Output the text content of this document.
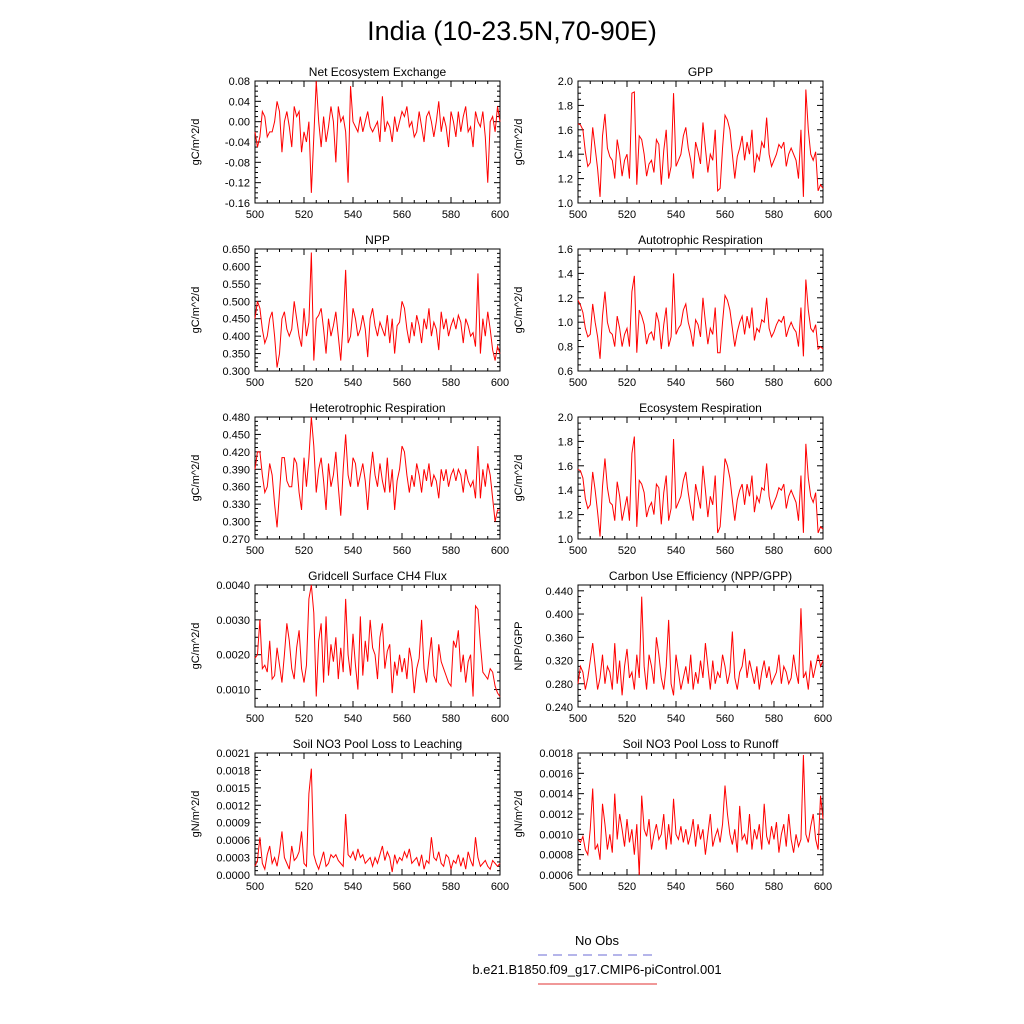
India (10-23.5N,70-90E)
Net Ecosystem Exchange
gC/m^2/d
500	520	540	560	580	600
-0.16
-0.12
-0.08
-0.04
0.00
0.04
0.08
GPP
gC/m^2/d
500	520	540	560	580	600
1.0
1.2
1.4
1.6
1.8
2.0
NPP
gC/m^2/d
500	520	540	560	580	600
0.300
0.350
0.400
0.450
0.500
0.550
0.600
0.650
Autotrophic Respiration
gC/m^2/d
500	520	540	560	580	600
0.6
0.8
1.0
1.2
1.4
1.6
Heterotrophic Respiration
gC/m^2/d
500	520	540	560	580	600
0.270
0.300
0.330
0.360
0.390
0.420
0.450
0.480
Ecosystem Respiration
gC/m^2/d
500	520	540	560	580	600
1.0
1.2
1.4
1.6
1.8
2.0
Gridcell Surface CH4 Flux
gC/m^2/d
500	520	540	560	580	600
0.0010
0.0020
0.0030
0.0040
Carbon Use Efficiency (NPP/GPP)
NPP/GPP
500	520	540	560	580	600
0.240
0.280
0.320
0.360
0.400
0.440
Soil NO3 Pool Loss to Leaching
gN/m^2/d
500	520	540	560	580	600
0.0000
0.0003
0.0006
0.0009
0.0012
0.0015
0.0018
0.0021
Soil NO3 Pool Loss to Runoff
gN/m^2/d
500	520	540	560	580	600
0.0006
0.0008
0.0010
0.0012
0.0014
0.0016
0.0018
No Obs
b.e21.B1850.f09_g17.CMIP6-piControl.001
